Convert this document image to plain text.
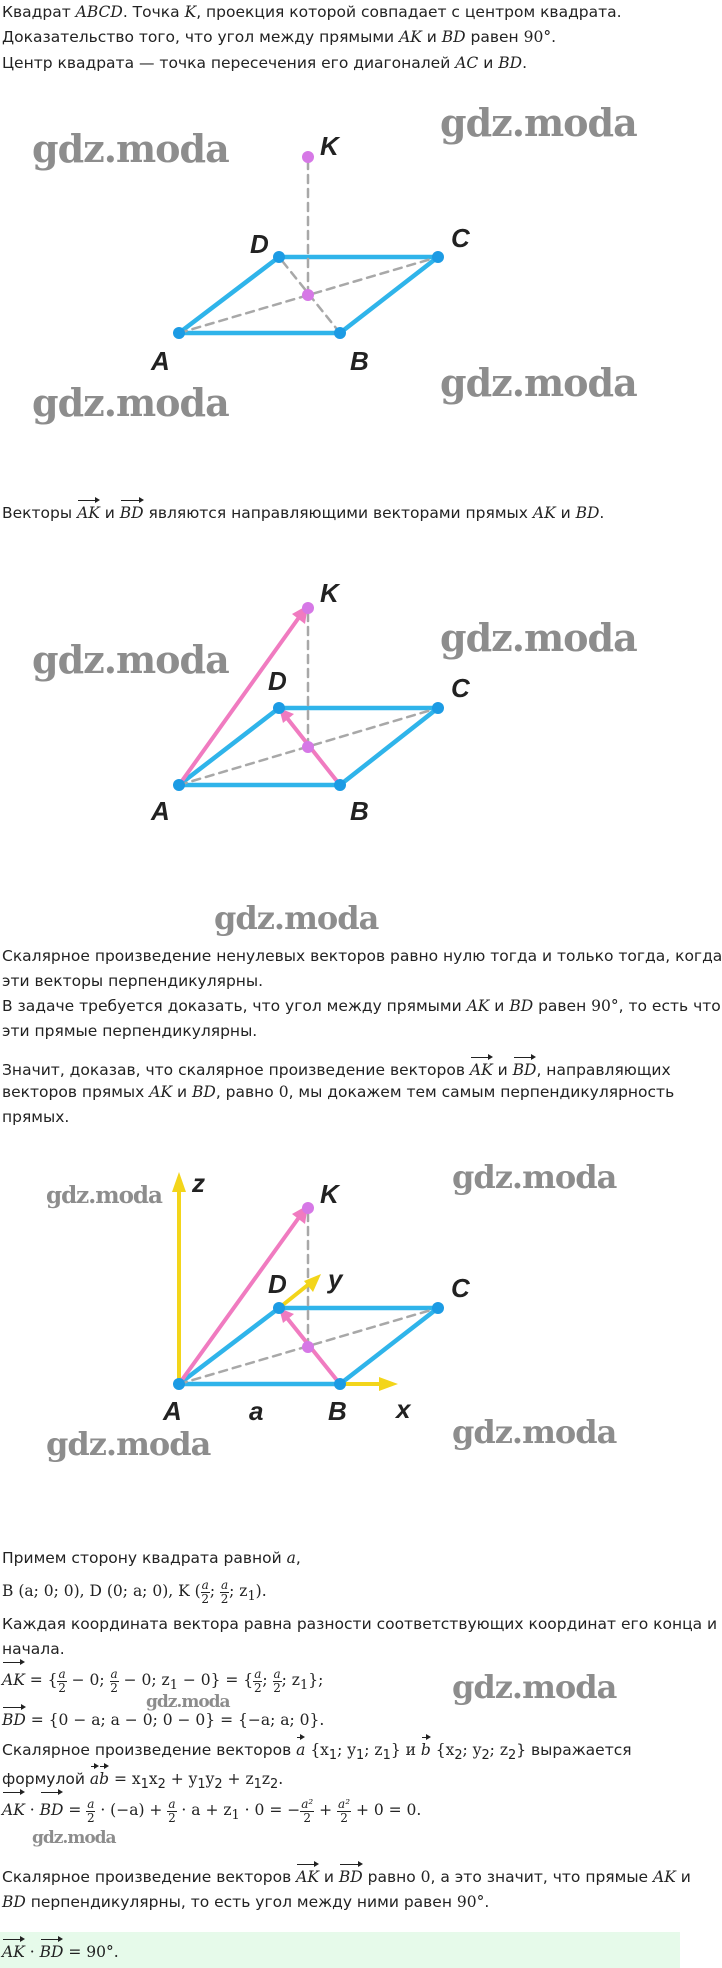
gdz.moda
gdz.moda
gdz.moda	gdz.moda
gdz.moda	gdz.moda
gdz.moda
gdz.moda	gdz.moda
gdz.moda	gdz.moda
gdz.moda
gdz.moda
gdz.moda
Квадрат ABCD. Точка K, проекция которой совпадает с центром квадрата.
Доказательство того, что угол между прямыми AK и BD равен 90°.
Центр квадрата — точка пересечения его диагоналей AC и BD.
K
D	C
A	B
Векторы AK и BD являются направляющими векторами прямых AK и BD.
K
D	C
A	B
Скалярное произведение ненулевых векторов равно нулю тогда и только тогда, когда
эти векторы перпендикулярны.
В задаче требуется доказать, что угол между прямыми AK и BD равен 90°, то есть что
эти прямые перпендикулярны.
Значит, доказав, что скалярное произведение векторов AK и BD, направляющих
векторов прямых AK и BD, равно 0, мы докажем тем самым перпендикулярность
прямых.
z	K
D y	C
A	a B x
Примем сторону квадрата равной a,
B (a; 0; 0), D (0; a; 0), K ( $\frac{a}{2}$ ; $\frac{a}{2}$ ; $z_1$).
Каждая координата вектора равна разности соответствующих координат его конца и
начала.
AK = { $\frac{a}{2} - 0$; $\frac{a}{2} - 0$; $z_1 - 0$} = { $\frac{a}{2}$ ; $\frac{a}{2}$ ; $z_1$};
BD = {0 − a; a − 0; 0 − 0} = {−a; a; 0}.
Скалярное произведение векторов a {$x_1$; $y_1$; $z_1$} и b {$x_2$; $y_2$; $z_2$} выражается
формулой ab = $x_1x_2 + y_1y_2 + z_1z_2$.
AK · BD = $\frac{a}{2} \cdot (-a) + \frac{a}{2} \cdot a + z_1 \cdot 0$ = − $\frac{\text{a²}}{2} + \frac{\text{a²}}{2} + 0 = 0$.
Скалярное произведение векторов AK и BD равно 0, а это значит, что прямые AK и
BD перпендикулярны, то есть угол между ними равен 90°.
AK · BD = 90°.
